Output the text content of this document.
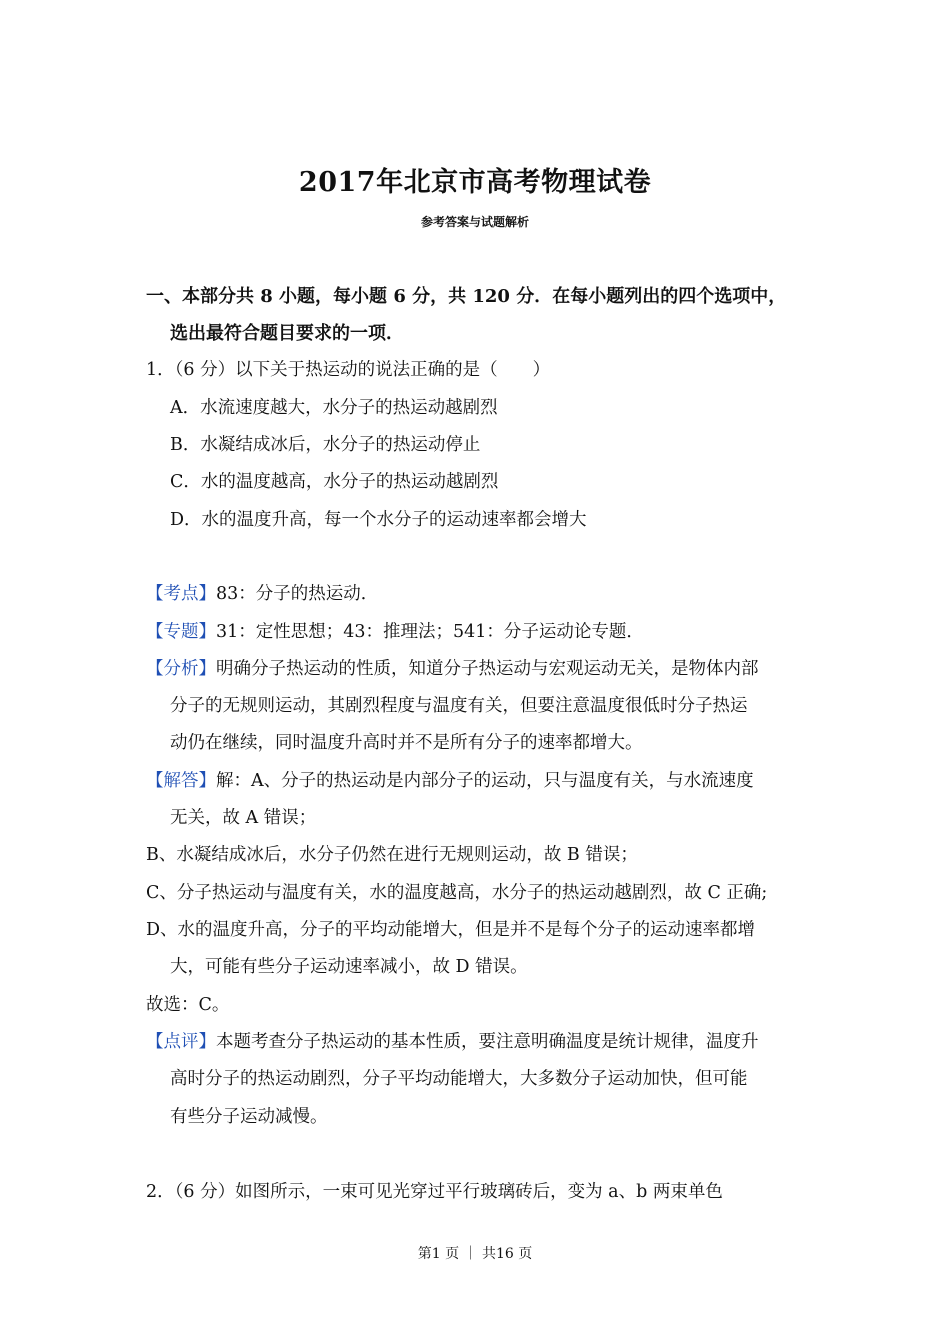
2017年北京市高考物理试卷
参考答案与试题解析
一、本部分共 8 小题，每小题 6 分，共 120 分．在每小题列出的四个选项中，
选出最符合题目要求的一项．
1．（6 分）以下关于热运动的说法正确的是（　　）
A．水流速度越大，水分子的热运动越剧烈
B．水凝结成冰后，水分子的热运动停止
C．水的温度越高，水分子的热运动越剧烈
D．水的温度升高，每一个水分子的运动速率都会增大
【考点】83：分子的热运动．
【专题】31：定性思想；43：推理法；541：分子运动论专题．
【分析】明确分子热运动的性质，知道分子热运动与宏观运动无关，是物体内部
分子的无规则运动，其剧烈程度与温度有关，但要注意温度很低时分子热运
动仍在继续，同时温度升高时并不是所有分子的速率都增大。
【解答】解：A、分子的热运动是内部分子的运动，只与温度有关，与水流速度
无关，故 A 错误；
B、水凝结成冰后，水分子仍然在进行无规则运动，故 B 错误；
C、分子热运动与温度有关，水的温度越高，水分子的热运动越剧烈，故 C 正确;
D、水的温度升高，分子的平均动能增大，但是并不是每个分子的运动速率都增
大，可能有些分子运动速率减小，故 D 错误。
故选：C。
【点评】本题考查分子热运动的基本性质，要注意明确温度是统计规律，温度升
高时分子的热运动剧烈，分子平均动能增大，大多数分子运动加快，但可能
有些分子运动减慢。
2．（6 分）如图所示，一束可见光穿过平行玻璃砖后，变为 a、b 两束单色
第1 页 ｜ 共16 页
